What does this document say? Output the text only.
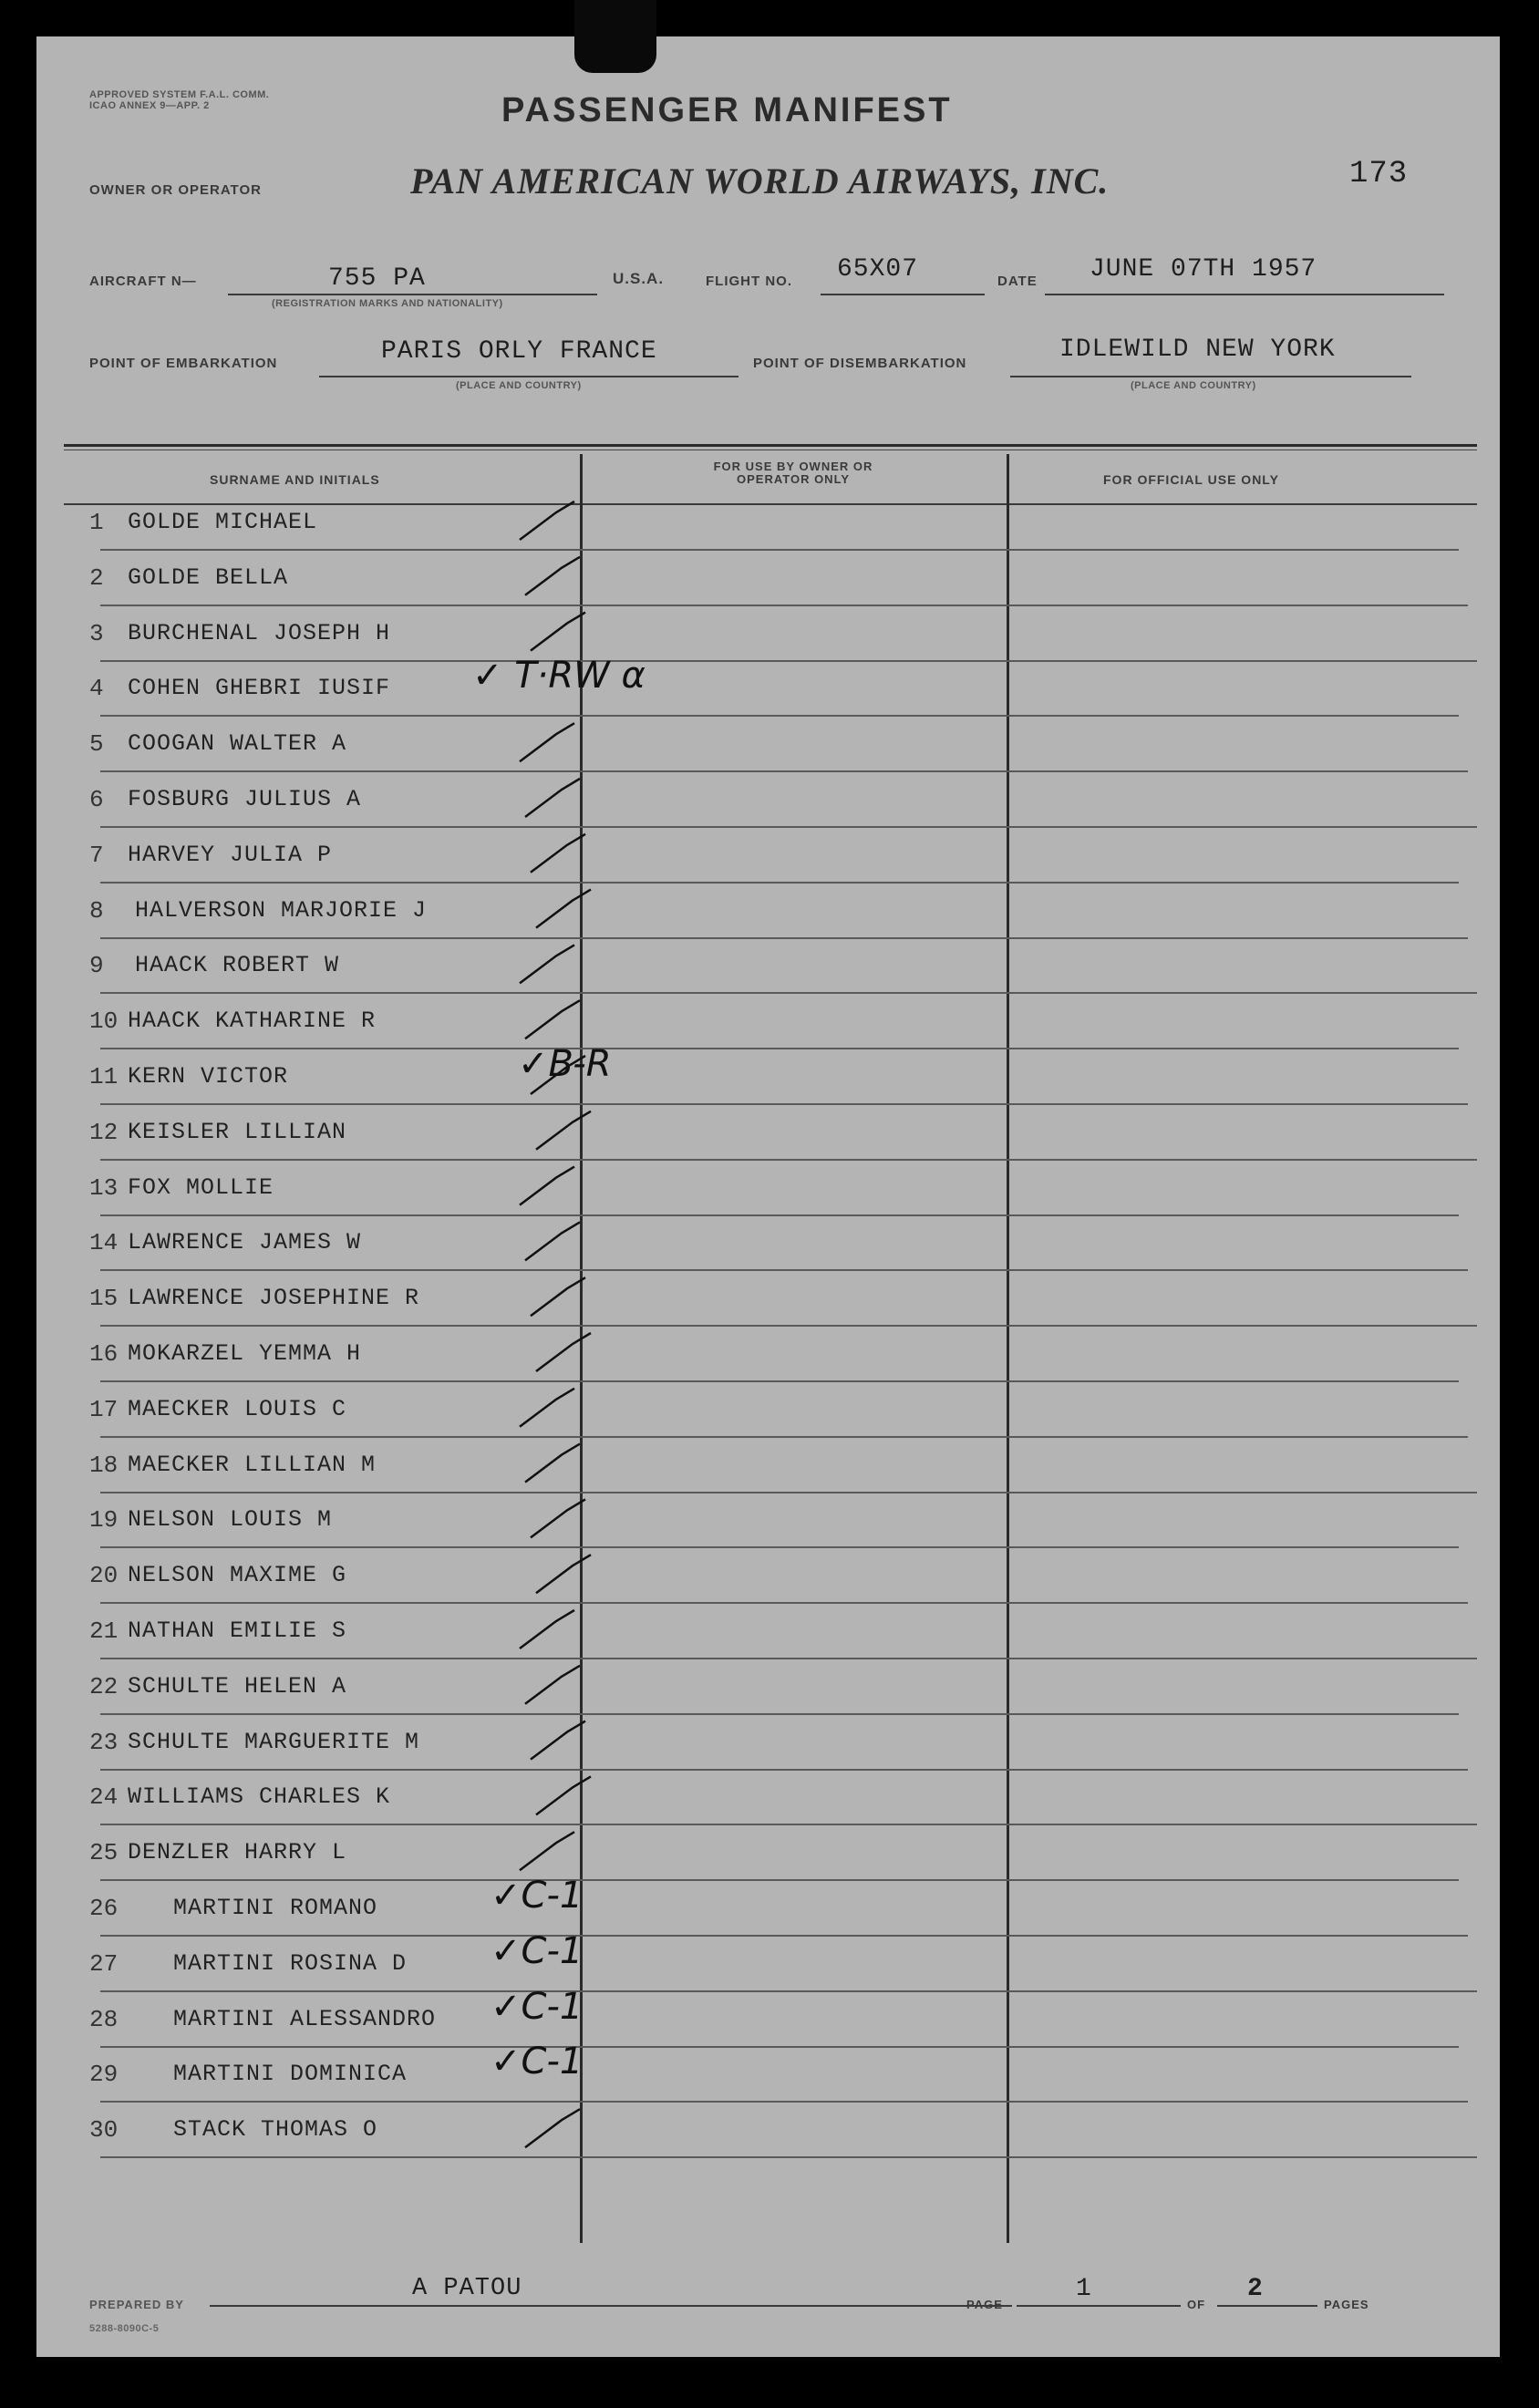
APPROVED SYSTEM F.A.L. COMM. ICAO ANNEX 9—APP. 2	PASSENGER MANIFEST
OWNER OR OPERATOR	PAN AMERICAN WORLD AIRWAYS, INC.	173
AIRCRAFT N—	755 PA
(REGISTRATION MARKS AND NATIONALITY)
U.S.A.	FLIGHT NO. 65X07	DATE JUNE 07TH 1957
POINT OF EMBARKATION	PARIS ORLY FRANCE
(PLACE AND COUNTRY)
POINT OF DISEMBARKATION	IDLEWILD NEW YORK
(PLACE AND COUNTRY)
SURNAME AND INITIALS
FOR USE BY OWNER OR OPERATOR ONLY	FOR OFFICIAL USE ONLY
1 GOLDE MICHAEL
2 GOLDE BELLA
3 BURCHENAL JOSEPH H
4 COHEN GHEBRI IUSIF ✓ T·RW α
5 COOGAN WALTER A
6 FOSBURG JULIUS A
7 HARVEY JULIA P
8 HALVERSON MARJORIE J
9 HAACK ROBERT W
10 HAACK KATHARINE R
11 KERN VICTOR	✓B-R
12 KEISLER LILLIAN
13 FOX MOLLIE
14 LAWRENCE JAMES W
15 LAWRENCE JOSEPHINE R
16 MOKARZEL YEMMA H
17 MAECKER LOUIS C
18 MAECKER LILLIAN M
19 NELSON LOUIS M
20 NELSON MAXIME G
21 NATHAN EMILIE S
22 SCHULTE HELEN A
23 SCHULTE MARGUERITE M
24 WILLIAMS CHARLES K
25 DENZLER HARRY L
26 MARTINI ROMANO	✓C-1
27 MARTINI ROSINA D ✓C-1
28 MARTINI ALESSANDRO ✓C-1
29 MARTINI DOMINICA ✓C-1
30 STACK THOMAS O
PREPARED BY
A PATOU
PAGE
1
OF
2
PAGES
5288-8090C-5
